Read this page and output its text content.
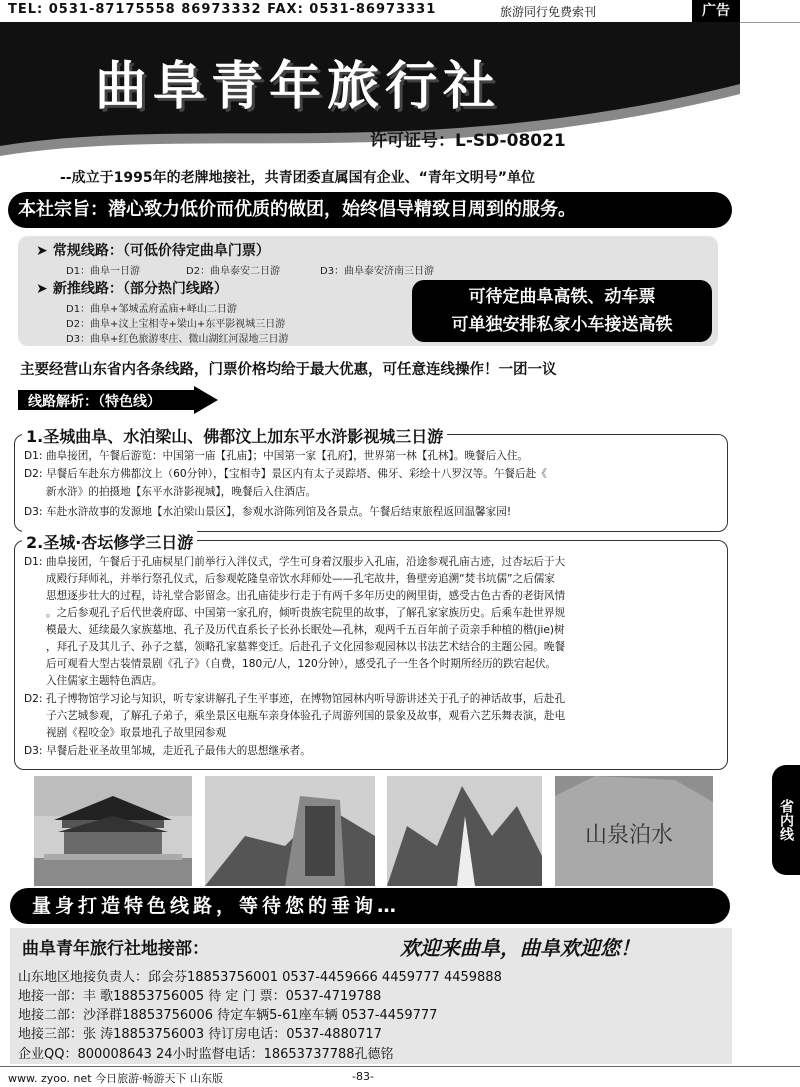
TEL: 0531-87175558 86973332 FAX: 0531-86973331	旅游同行免费索刊	广告
曲阜青年旅行社
许可证号：L-SD-08021
省内线
--成立于1995年的老牌地接社，共青团委直属国有企业、“青年文明号”单位
本社宗旨：潜心致力低价而优质的做团，始终倡导精致目周到的服务。
➤ 常规线路：（可低价待定曲阜门票）
D1：曲阜一日游	D2：曲阜泰安二日游	D3：曲阜泰安济南三日游
➤ 新推线路：（部分热门线路）
D1：曲阜+邹城孟府孟庙+峄山二日游
D2：曲阜+汶上宝相寺+梁山+东平影视城三日游
D3：曲阜+红色旅游枣庄、微山湖红河湿地三日游
可待定曲阜高铁、动车票
可单独安排私家小车接送高铁
主要经营山东省内各条线路，门票价格均给于最大优惠，可任意连线操作！一团一议
线路解析：（特色线）
1.圣城曲阜、水泊梁山、佛都汶上加东平水浒影视城三日游
D1: 曲阜接团，午餐后游览：中国第一庙【孔庙】；中国第一家【孔府】，世界第一林【孔林】。晚餐后入住。
D2: 早餐后车赴东方佛都汶上（60分钟），【宝相寺】景区内有太子灵踪塔、佛牙、彩绘十八罗汉等。午餐后赴《
新水浒》的拍摄地【东平水浒影视城】，晚餐后入住酒店。
D3: 车赴水浒故事的发源地【水泊梁山景区】，参观水浒陈列馆及各景点。午餐后结束旅程返回温馨家园!
2.圣城·杏坛修学三日游
D1: 曲阜接团，午餐后于孔庙棂星门前举行入泮仪式，学生可身着汉服步入孔庙，沿途参观孔庙古迹，过杏坛后于大
成殿行拜师礼，并举行祭孔仪式，后参观乾隆皇帝饮水拜师处——孔宅故井，鲁壁旁追溯“焚书坑儒”之后儒家
思想逐步壮大的过程，诗礼堂合影留念。出孔庙徒步行走于有两千多年历史的阙里街，感受古色古香的老街风情
。之后参观孔子后代世袭府邸、中国第一家孔府，倾听贵族宅院里的故事，了解孔家家族历史。后乘车赴世界规
模最大、延续最久家族墓地、孔子及历代直系长子长孙长眠处—孔林，观两千五百年前子贡亲手种植的楷(jie)树
，拜孔子及其儿子、孙子之墓，领略孔家墓葬变迁。后赴孔子文化园参观园林以书法艺术结合的主题公园。晚餐
后可观看大型古装情景剧《孔子》（自费，180元/人，120分钟），感受孔子一生各个时期所经历的跌宕起伏。
入住儒家主题特色酒店。
D2: 孔子博物馆学习论与知识，听专家讲解孔子生平事迹，在博物馆园林内听导游讲述关于孔子的神话故事，后赴孔
子六艺城参观，了解孔子弟子，乘坐景区电瓶车亲身体验孔子周游列国的景象及故事，观看六艺乐舞表演，赴电
视剧《程咬金》取景地孔子故里园参观
D3: 早餐后赴亚圣故里邹城，走近孔子最伟大的思想继承者。
山泉泊水
量身打造特色线路，等待您的垂询…
曲阜青年旅行社地接部：	欢迎来曲阜，曲阜欢迎您！
山东地区地接负责人：邱会芬18853756001 0537-4459666 4459777 4459888
地接一部：丰 歌18853756005 待 定 门 票：0537-4719788
地接二部：沙泽群18853756006 待定车辆5-61座车辆 0537-4459777
地接三部：张 涛18853756003 待订房电话：0537-4880717
企业QQ：800008643 24小时监督电话：18653737788孔德铭
www. zyoo. net 今日旅游·畅游天下 山东版	-83-
